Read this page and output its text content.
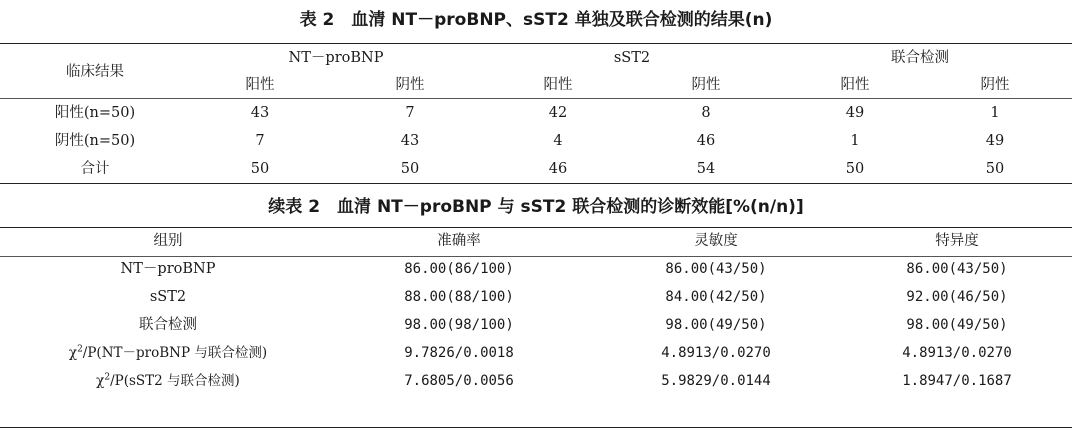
表 2　血清 NT－proBNP、sST2 单独及联合检测的结果(n)
临床结果
NT－proBNP	sST2	联合检测
阳性	阴性	阳性	阴性	阳性	阴性
阳性(n=50)	43	7	42	8	49	1
阴性(n=50)	7	43	4	46	1	49
合计	50	50	46	54	50	50
续表 2　血清 NT－proBNP 与 sST2 联合检测的诊断效能[%(n/n)]
组别	准确率	灵敏度	特异度
NT－proBNP	86.00(86/100)	86.00(43/50)	86.00(43/50)
sST2	88.00(88/100)	84.00(42/50)	92.00(46/50)
联合检测	98.00(98/100)	98.00(49/50)	98.00(49/50)
$\chi^2/P(NT-proBNP$ 与联合检测)	9.7826/0.0018	4.8913/0.0270	4.8913/0.0270
$\chi^2/P(sST2$ 与联合检测)	7.6805/0.0056	5.9829/0.0144	1.8947/0.1687
